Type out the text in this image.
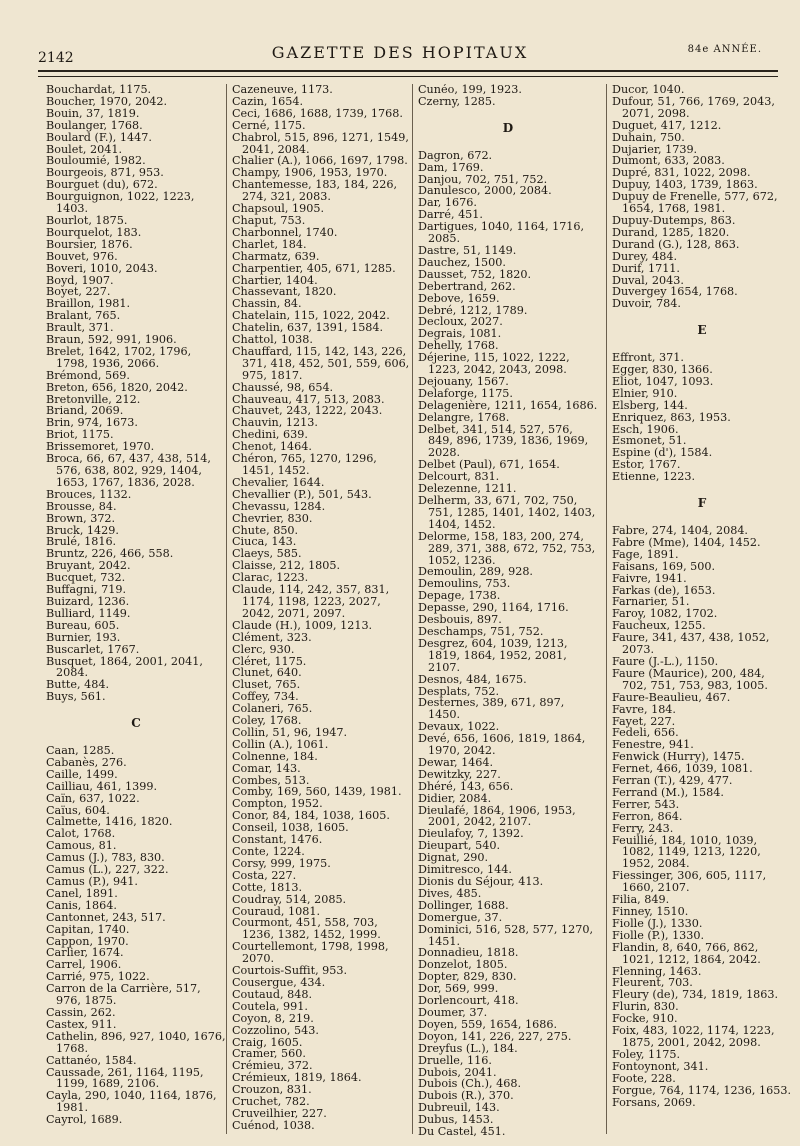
2142	GAZETTE DES HOPITAUX	84e ANNÉE.

Bouchardat, 1175.

Boucher, 1970, 2042.

Bouin, 37, 1819.

Boulanger, 1768.

Boulard (F.), 1447.

Boulet, 2041.

Bouloumié, 1982.

Bourgeois, 871, 953.

Bourguet (du), 672.

Bourguignon, 1022, 1223, 1403.

Bourlot, 1875.

Bourquelot, 183.

Boursier, 1876.

Bouvet, 976.

Boveri, 1010, 2043.

Boyd, 1907.

Boyet, 227.

Braillon, 1981.

Bralant, 765.

Brault, 371.

Braun, 592, 991, 1906.

Brelet, 1642, 1702, 1796, 1798, 1936, 2066.

Brémond, 569.

Breton, 656, 1820, 2042.

Bretonville, 212.

Briand, 2069.

Brin, 974, 1673.

Briot, 1175.

Brissemoret, 1970.

Broca, 66, 67, 437, 438, 514, 576, 638, 802, 929, 1404, 1653, 1767, 1836, 2028.

Brouces, 1132.

Brousse, 84.

Brown, 372.

Bruck, 1429.

Brulé, 1816.

Bruntz, 226, 466, 558.

Bruyant, 2042.

Bucquet, 732.

Buffagni, 719.

Buizard, 1236.

Bulliard, 1149.

Bureau, 605.

Burnier, 193.

Buscarlet, 1767.

Busquet, 1864, 2001, 2041, 2084.

Butte, 484.

Buys, 561.

C

Caan, 1285.

Cabanès, 276.

Caille, 1499.

Cailliau, 461, 1399.

Caïn, 637, 1022.

Caïus, 604.

Calmette, 1416, 1820.

Calot, 1768.

Camous, 81.

Camus (J.), 783, 830.

Camus (L.), 227, 322.

Camus (P.), 941.

Canel, 1891.

Canis, 1864.

Cantonnet, 243, 517.

Capitan, 1740.

Cappon, 1970.

Carlier, 1674.

Carrel, 1906.

Carrié, 975, 1022.

Carron de la Carrière, 517, 976, 1875.

Cassin, 262.

Castex, 911.

Cathelin, 896, 927, 1040, 1676, 1768.

Cattanéo, 1584.

Caussade, 261, 1164, 1195, 1199, 1689, 2106.

Cayla, 290, 1040, 1164, 1876, 1981.

Cayrol, 1689.

Cazeneuve, 1173.

Cazin, 1654.

Ceci, 1686, 1688, 1739, 1768.

Cerné, 1175.

Chabrol, 515, 896, 1271, 1549, 2041, 2084.

Chalier (A.), 1066, 1697, 1798.

Champy, 1906, 1953, 1970.

Chantemesse, 183, 184, 226, 274, 321, 2083.

Chapsoul, 1905.

Chaput, 753.

Charbonnel, 1740.

Charlet, 184.

Charmatz, 639.

Charpentier, 405, 671, 1285.

Chartier, 1404.

Chassevant, 1820.

Chassin, 84.

Chatelain, 115, 1022, 2042.

Chatelin, 637, 1391, 1584.

Chattol, 1038.

Chauffard, 115, 142, 143, 226, 371, 418, 452, 501, 559, 606, 975, 1817.

Chaussé, 98, 654.

Chauveau, 417, 513, 2083.

Chauvet, 243, 1222, 2043.

Chauvin, 1213.

Chedini, 639.

Chenot, 1464.

Chéron, 765, 1270, 1296, 1451, 1452.

Chevalier, 1644.

Chevallier (P.), 501, 543.

Chevassu, 1284.

Chevrier, 830.

Chute, 850.

Ciuca, 143.

Claeys, 585.

Claisse, 212, 1805.

Clarac, 1223.

Claude, 114, 242, 357, 831, 1174, 1198, 1223, 2027, 2042, 2071, 2097.

Claude (H.), 1009, 1213.

Clément, 323.

Clerc, 930.

Cléret, 1175.

Clunet, 640.

Cluset, 765.

Coffey, 734.

Colaneri, 765.

Coley, 1768.

Collin, 51, 96, 1947.

Collin (A.), 1061.

Colnenne, 184.

Comar, 143.

Combes, 513.

Comby, 169, 560, 1439, 1981.

Compton, 1952.

Conor, 84, 184, 1038, 1605.

Conseil, 1038, 1605.

Constant, 1476.

Conte, 1224.

Corsy, 999, 1975.

Costa, 227.

Cotte, 1813.

Coudray, 514, 2085.

Couraud, 1081.

Courmont, 451, 558, 703, 1236, 1382, 1452, 1999.

Courtellemont, 1798, 1998, 2070.

Courtois-Suffit, 953.

Cousergue, 434.

Coutaud, 848.

Coutela, 991.

Coyon, 8, 219.

Cozzolino, 543.

Craig, 1605.

Cramer, 560.

Crémieu, 372.

Crémieux, 1819, 1864.

Crouzon, 831.

Cruchet, 782.

Cruveilhier, 227.

Cuénod, 1038.

Cunéo, 199, 1923.

Czerny, 1285.

D

Dagron, 672.

Dam, 1769.

Danjou, 702, 751, 752.

Danulesco, 2000, 2084.

Dar, 1676.

Darré, 451.

Dartigues, 1040, 1164, 1716, 2085.

Dastre, 51, 1149.

Dauchez, 1500.

Dausset, 752, 1820.

Debertrand, 262.

Debove, 1659.

Debré, 1212, 1789.

Decloux, 2027.

Degrais, 1081.

Dehelly, 1768.

Déjerine, 115, 1022, 1222, 1223, 2042, 2043, 2098.

Dejouany, 1567.

Delaforge, 1175.

Delagenière, 1211, 1654, 1686.

Delangre, 1768.

Delbet, 341, 514, 527, 576, 849, 896, 1739, 1836, 1969, 2028.

Delbet (Paul), 671, 1654.

Delcourt, 831.

Delezenne, 1211.

Delherm, 33, 671, 702, 750, 751, 1285, 1401, 1402, 1403, 1404, 1452.

Delorme, 158, 183, 200, 274, 289, 371, 388, 672, 752, 753, 1052, 1236.

Demoulin, 289, 928.

Demoulins, 753.

Depage, 1738.

Depasse, 290, 1164, 1716.

Desbouis, 897.

Deschamps, 751, 752.

Desgrez, 604, 1039, 1213, 1819, 1864, 1952, 2081, 2107.

Desnos, 484, 1675.

Desplats, 752.

Desternes, 389, 671, 897, 1450.

Devaux, 1022.

Devé, 656, 1606, 1819, 1864, 1970, 2042.

Dewar, 1464.

Dewitzky, 227.

Dhéré, 143, 656.

Didier, 2084.

Dieulafé, 1864, 1906, 1953, 2001, 2042, 2107.

Dieulafoy, 7, 1392.

Dieupart, 540.

Dignat, 290.

Dimitresco, 144.

Dionis du Séjour, 413.

Dives, 485.

Dollinger, 1688.

Domergue, 37.

Dominici, 516, 528, 577, 1270, 1451.

Donnadieu, 1818.

Donzelot, 1805.

Dopter, 829, 830.

Dor, 569, 999.

Dorlencourt, 418.

Doumer, 37.

Doyen, 559, 1654, 1686.

Doyon, 141, 226, 227, 275.

Dreyfus (L.), 184.

Druelle, 116.

Dubois, 2041.

Dubois (Ch.), 468.

Dubois (R.), 370.

Dubreuil, 143.

Dubus, 1453.

Du Castel, 451.

Ducor, 1040.

Dufour, 51, 766, 1769, 2043, 2071, 2098.

Duguet, 417, 1212.

Duhain, 750.

Dujarier, 1739.

Dumont, 633, 2083.

Dupré, 831, 1022, 2098.

Dupuy, 1403, 1739, 1863.

Dupuy de Frenelle, 577, 672, 1654, 1768, 1981.

Dupuy-Dutemps, 863.

Durand, 1285, 1820.

Durand (G.), 128, 863.

Durey, 484.

Durif, 1711.

Duval, 2043.

Duvergey 1654, 1768.

Duvoir, 784.

E

Effront, 371.

Egger, 830, 1366.

Eliot, 1047, 1093.

Elnier, 910.

Elsberg, 144.

Enriquez, 863, 1953.

Esch, 1906.

Esmonet, 51.

Espine (d'), 1584.

Estor, 1767.

Etienne, 1223.

F

Fabre, 274, 1404, 2084.

Fabre (Mme), 1404, 1452.

Fage, 1891.

Faisans, 169, 500.

Faivre, 1941.

Farkas (de), 1653.

Farnarier, 51.

Faroy, 1082, 1702.

Faucheux, 1255.

Faure, 341, 437, 438, 1052, 2073.

Faure (J.-L.), 1150.

Faure (Maurice), 200, 484, 702, 751, 753, 983, 1005.

Faure-Beaulieu, 467.

Favre, 184.

Fayet, 227.

Fedeli, 656.

Fenestre, 941.

Fenwick (Hurry), 1475.

Fernet, 466, 1039, 1081.

Ferran (T.), 429, 477.

Ferrand (M.), 1584.

Ferrer, 543.

Ferron, 864.

Ferry, 243.

Feuillié, 184, 1010, 1039, 1082, 1149, 1213, 1220, 1952, 2084.

Fiessinger, 306, 605, 1117, 1660, 2107.

Filia, 849.

Finney, 1510.

Fiolle (J.), 1330.

Fiolle (P.), 1330.

Flandin, 8, 640, 766, 862, 1021, 1212, 1864, 2042.

Flenning, 1463.

Fleurent, 703.

Fleury (de), 734, 1819, 1863.

Flurin, 830.

Focke, 910.

Foix, 483, 1022, 1174, 1223, 1875, 2001, 2042, 2098.

Foley, 1175.

Fontoynont, 341.

Foote, 228.

Forgue, 764, 1174, 1236, 1653.

Forsans, 2069.
